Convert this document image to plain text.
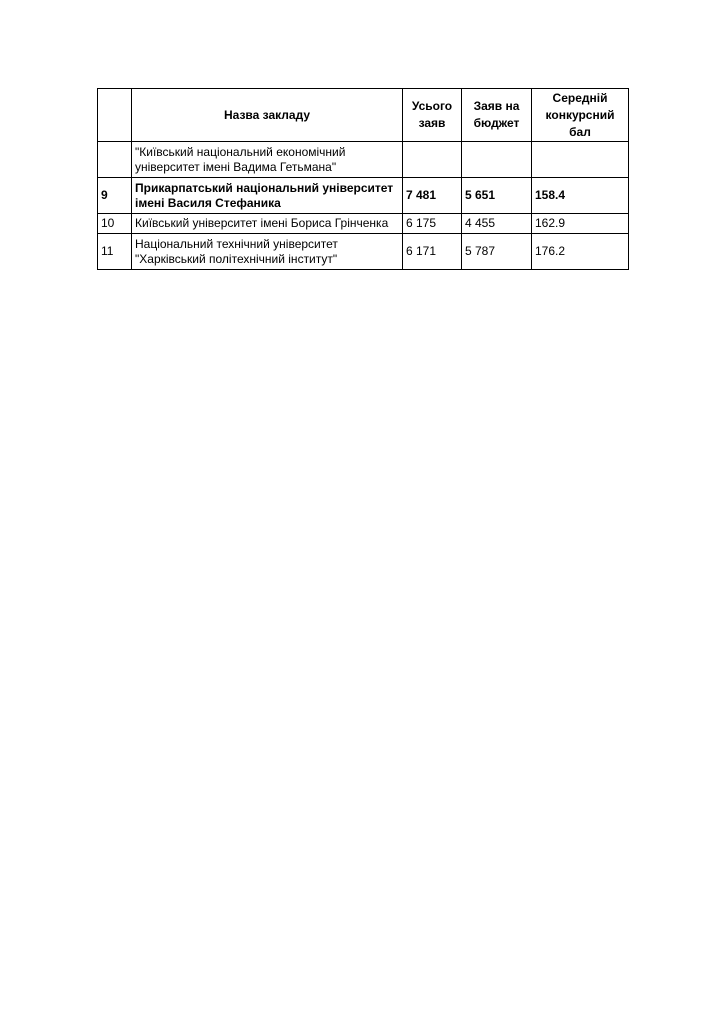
	Назва закладу	Усього заяв	Заяв на бюджет	Середній конкурсний бал

	"Київський національний економічний
університет імені Вадима Гетьмана"			

9	Прикарпатський національний університет
імені Василя Стефаника	7 481	5 651	158.4
10	Київський університет імені Бориса Грінченка	6 175	4 455	162.9
11	Національний технічний університет
"Харківський політехнічний інститут"	6 171	5 787	176.2
